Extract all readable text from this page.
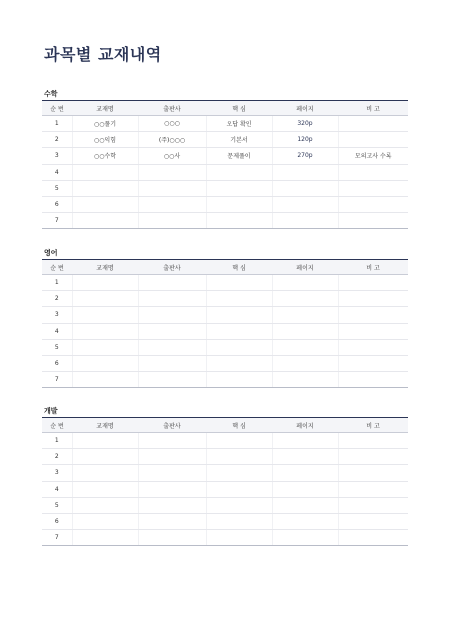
과목별 교재내역
수학
순 번	교재명	출판사	핵 심	페이지	비 고
1	○○풀기	○○○	오답 확인	320p	
2	○○익힘	(주)○○○	기본서	120p	
3	○○수학	○○사	문제풀이	270p	모의고사 수록
4					
5					
6					
7					
영어
순 번	교재명	출판사	핵 심	페이지	비 고
1					
2					
3					
4					
5					
6					
7					
개발
순 번	교재명	출판사	핵 심	페이지	비 고
1					
2					
3					
4					
5					
6					
7					
